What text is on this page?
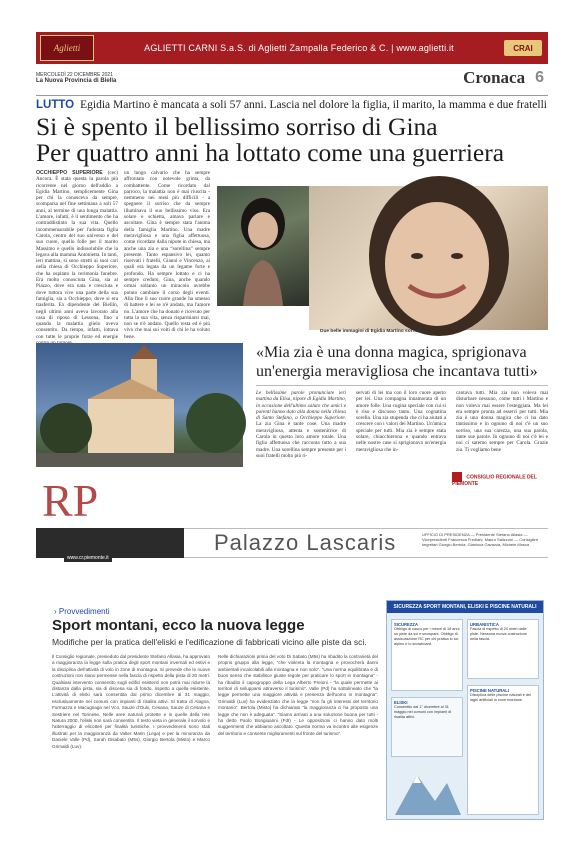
Aglietti	AGLIETTI CARNI S.a.S. di Aglietti Zampalla Federico & C. | www.aglietti.it	CRAI
MERCOLEDÌ 22 DICEMBRE 2021
La Nuova Provincia di Biella	Cronaca 6
LUTTO Egidia Martino è mancata a soli 57 anni. Lascia nel dolore la figlia, il marito, la mamma e due fratelli
Si è spento il bellissimo sorriso di Gina
Per quattro anni ha lottato come una guerriera
OCCHIEPPO SUPERIORE (cec) Ancora. È stata questa la parola più ricorrente nel giorno dell'addio a Egidia Martino, semplicemente Gina per chi la conosceva da sempre, scomparsa nel fine settimana a soli 57 anni, al termine di una lunga malattia. L'amore, infatti, è il sentimento che ha contraddistinto la sua vita. Quello incommensurabile per l'adorata figlia Carola, centro del suo universo e del suo cuore, quello folle per il marito Massimo e quello indissolubile che la legava alla mamma Antonietta. In tanti, ieri mattina, si sono stretti ai suoi cari nella chiesa di Occhieppo Superiore, che ha ospitato la cerimonia funebre. Era molto conosciuta Gina, sia al Piazzo, dove era nata e cresciuta e dove tuttora vive una parte della sua famiglia, sia a Occhieppo, dove si era trasferita. Ex dipendente del Biellin, negli ultimi anni aveva lavorato alla casa di riposo di Lessona, fino a quando la malattia glielo aveva consentito. Da tempo, infatti, lottava con tutte le proprie forze ed energie
un lungo calvario che ha sempre affrontato con notevole grinta, da combattente. Come ricordato dal parroco, la malattia non è mai riuscita - nemmeno nei mesi più difficili - a spegnere il sorriso che da sempre illuminava il suo bellissimo viso. Era solare e schietta, amava parlare e ascoltare. Gina è sempre stata l'anima della famiglia Martino. Una madre meravigliosa e una figlia affettuosa, come ricordato dalla nipote in chiesa, ma anche una zia e una “sorellina” sempre presente. Tanto espansivo lei, quanto riservati i fratelli, Gianni e Vincenzo, ai quali era legata da un legame forte e profondo. Ha sempre lottato e ci ha sempre creduto, Gina, anche quando ormai soltanto un miracolo avrebbe potuto cambiare il corso degli eventi. Alla fine il suo cuore grande ha smesso di battere e lei se n'è andata, ma l'amore no. L'amore che ha donato e ricevuto per tutta la sua vita, senza risparmiarsi mai, non se n'è andato. Quello resta ed è più vivo che mai sui volti di chi le ha voluto bene.
Due belle immagini di Egidia Martino sorridente
«Mia zia è una donna magica, sprigionava un'energia meravigliosa che incantava tutti»
Le bellissime parole pronunciate ieri mattina da Elisa, nipote di Egidia Martino, in occasione dell'ultimo saluto che amici e parenti hanno dato alla donna nella chiesa di Santo Stefano, a Occhieppo Superiore. La zia Gina è tante cose. Una madre meravigliosa, attenta e sostenitrice di Carola in questo loro amore totale. Una figlia affettuosa che racconta tutto a sua madre. Una sorellina sempre presente per i suoi fratelli molto più ri-
servati di lei ma con il loro cuore aperto per lei. Una compagna innamorata di un amore folle. Una cugina speciale con cui si è riso e discusso tanto. Una cognatina sorella. Una zia stupenda che ci ha aiutati a crescere con i valori dei Martino. Un'amica speciale per tutti. Mia zia è sempre stata solare, chiacchierona e quando entrava nelle nostre case si sprigionava un'energia meravigliosa che in-
cantava tutti. Mia zia non voleva mai disturbare nessuno, come tutti i Martino e non voleva mai essere l'esteggiata. Ma lei era sempre pronta ad esserci per tutti. Mia zia è una donna magica che ci ha dato tantissimo e in ognuno di noi c'è un suo sorriso, una sua carezza, una sua parola, tante sue parole. In ognuno di noi c'è lei e noi ci saremo sempre per Carola. Grazie zia. Ti vogliamo bene
RP
Palazzo Lascaris
www.cr.piemonte.it
CONSIGLIO REGIONALE DEL PIEMONTE
UFFICIO DI PRESIDENZA — Presidente Stefano Allasia — Vicepresidenti Francesca Frediani, Mauro Salizzoni — Consiglieri segretari Giorgio Bertola, Gianluca Gavazza, Michele Mosca
› Provvedimenti
Sport montani, ecco la nuova legge
Modifiche per la pratica dell'eliski e l'edificazione di fabbricati vicino alle piste da sci.
Il Consiglio regionale, presieduto dal presidente Stefano Allasia, ha approvato a maggioranza la legge sulla pratica degli sport montani invernali ed estivi e la disciplina dell'attività di volo in zone di montagna. Si prevede che le nuove costruzioni non siano permesse nella fascia di rispetto della pista di 20 metri. Qualsiasi intervento consentito sugli edifici esistenti non potrà mai ridurre la distanza dalla pista, sia di discesa sia di fondo, rispetto a quella esistente. L'attività di eliski sarà consentita dal primo dicembre al 31 maggio, esclusivamente nei comuni con impianti di risalita attivi. Si tratta di Alagna, Formazza e Macugnaga nel Vco, Sauze d'Oulx, Cesana, Sauze di Cesana e Sestriere nel Torinese. Nelle aree naturali protette e in quelle della rete Natura 2000, l'eliski non sarà consentito. Il testo vieta in generale il sorvolo e l'atterraggio di elicotteri per finalità turistiche. I provvedimenti sono stati illustrati per la maggioranza da Valter Marin (Lega) e per la minoranza da Daniele Valle (Pd), Sarah Disabato (M5s), Giorgio Bertola (Misto) e Marco Grimaldi (Luv).
Nelle dichiarazioni prima del voto Di Sabato (M5s) ha ribadito la contrarietà del proprio gruppo alla legge, “che violenta la montagna e provocherà danni ambientali incalcolabili alla montagna e non solo”. “Una norma equilibrata e di buon senso che stabilisce giuste regole per praticare lo sport in montagna” - ha ribadito il capogruppo della Lega Alberto Preioni - “la quale permette ai territori di svilupparsi attraverso il turismo”. Valle (Pd) ha sottolineato che “la legge permette una maggiore attività e presenza dell'uomo in montagna”. Grimaldi (Luv) ha evidenziato che la legge “non fa gli interessi del territorio montano”. Bertola (Misto) ha dichiarato “la maggioranza ci ha proposto una legge che non è adeguata”. “Siamo arrivati a una soluzione buona per tutti - ha detto Paolo Bongioanni (FdI) - Le opposizioni ci hanno dato molti suggerimenti che abbiamo ascoltato. Questa norma va incontro alle esigenze del territorio e consente miglioramenti sul fronte del turismo”.
SICUREZZA SPORT MONTANI, ELISKI E PISCINE NATURALI
SICUREZZA
Obbligo di casco per i minori di 18 anni su piste da sci e snowpark. Obbligo di assicurazione RC per chi pratica lo sci alpino e lo snowboard.
URBANISTICA
Fascia di rispetto di 20 metri dalle piste. Nessuna nuova costruzione nella fascia.
ELISKI
Consentito dal 1° dicembre al 31 maggio nei comuni con impianti di risalita attivi.
PISCINE NATURALI
Disciplina delle piscine naturali e dei laghi artificiali in zone montane.
